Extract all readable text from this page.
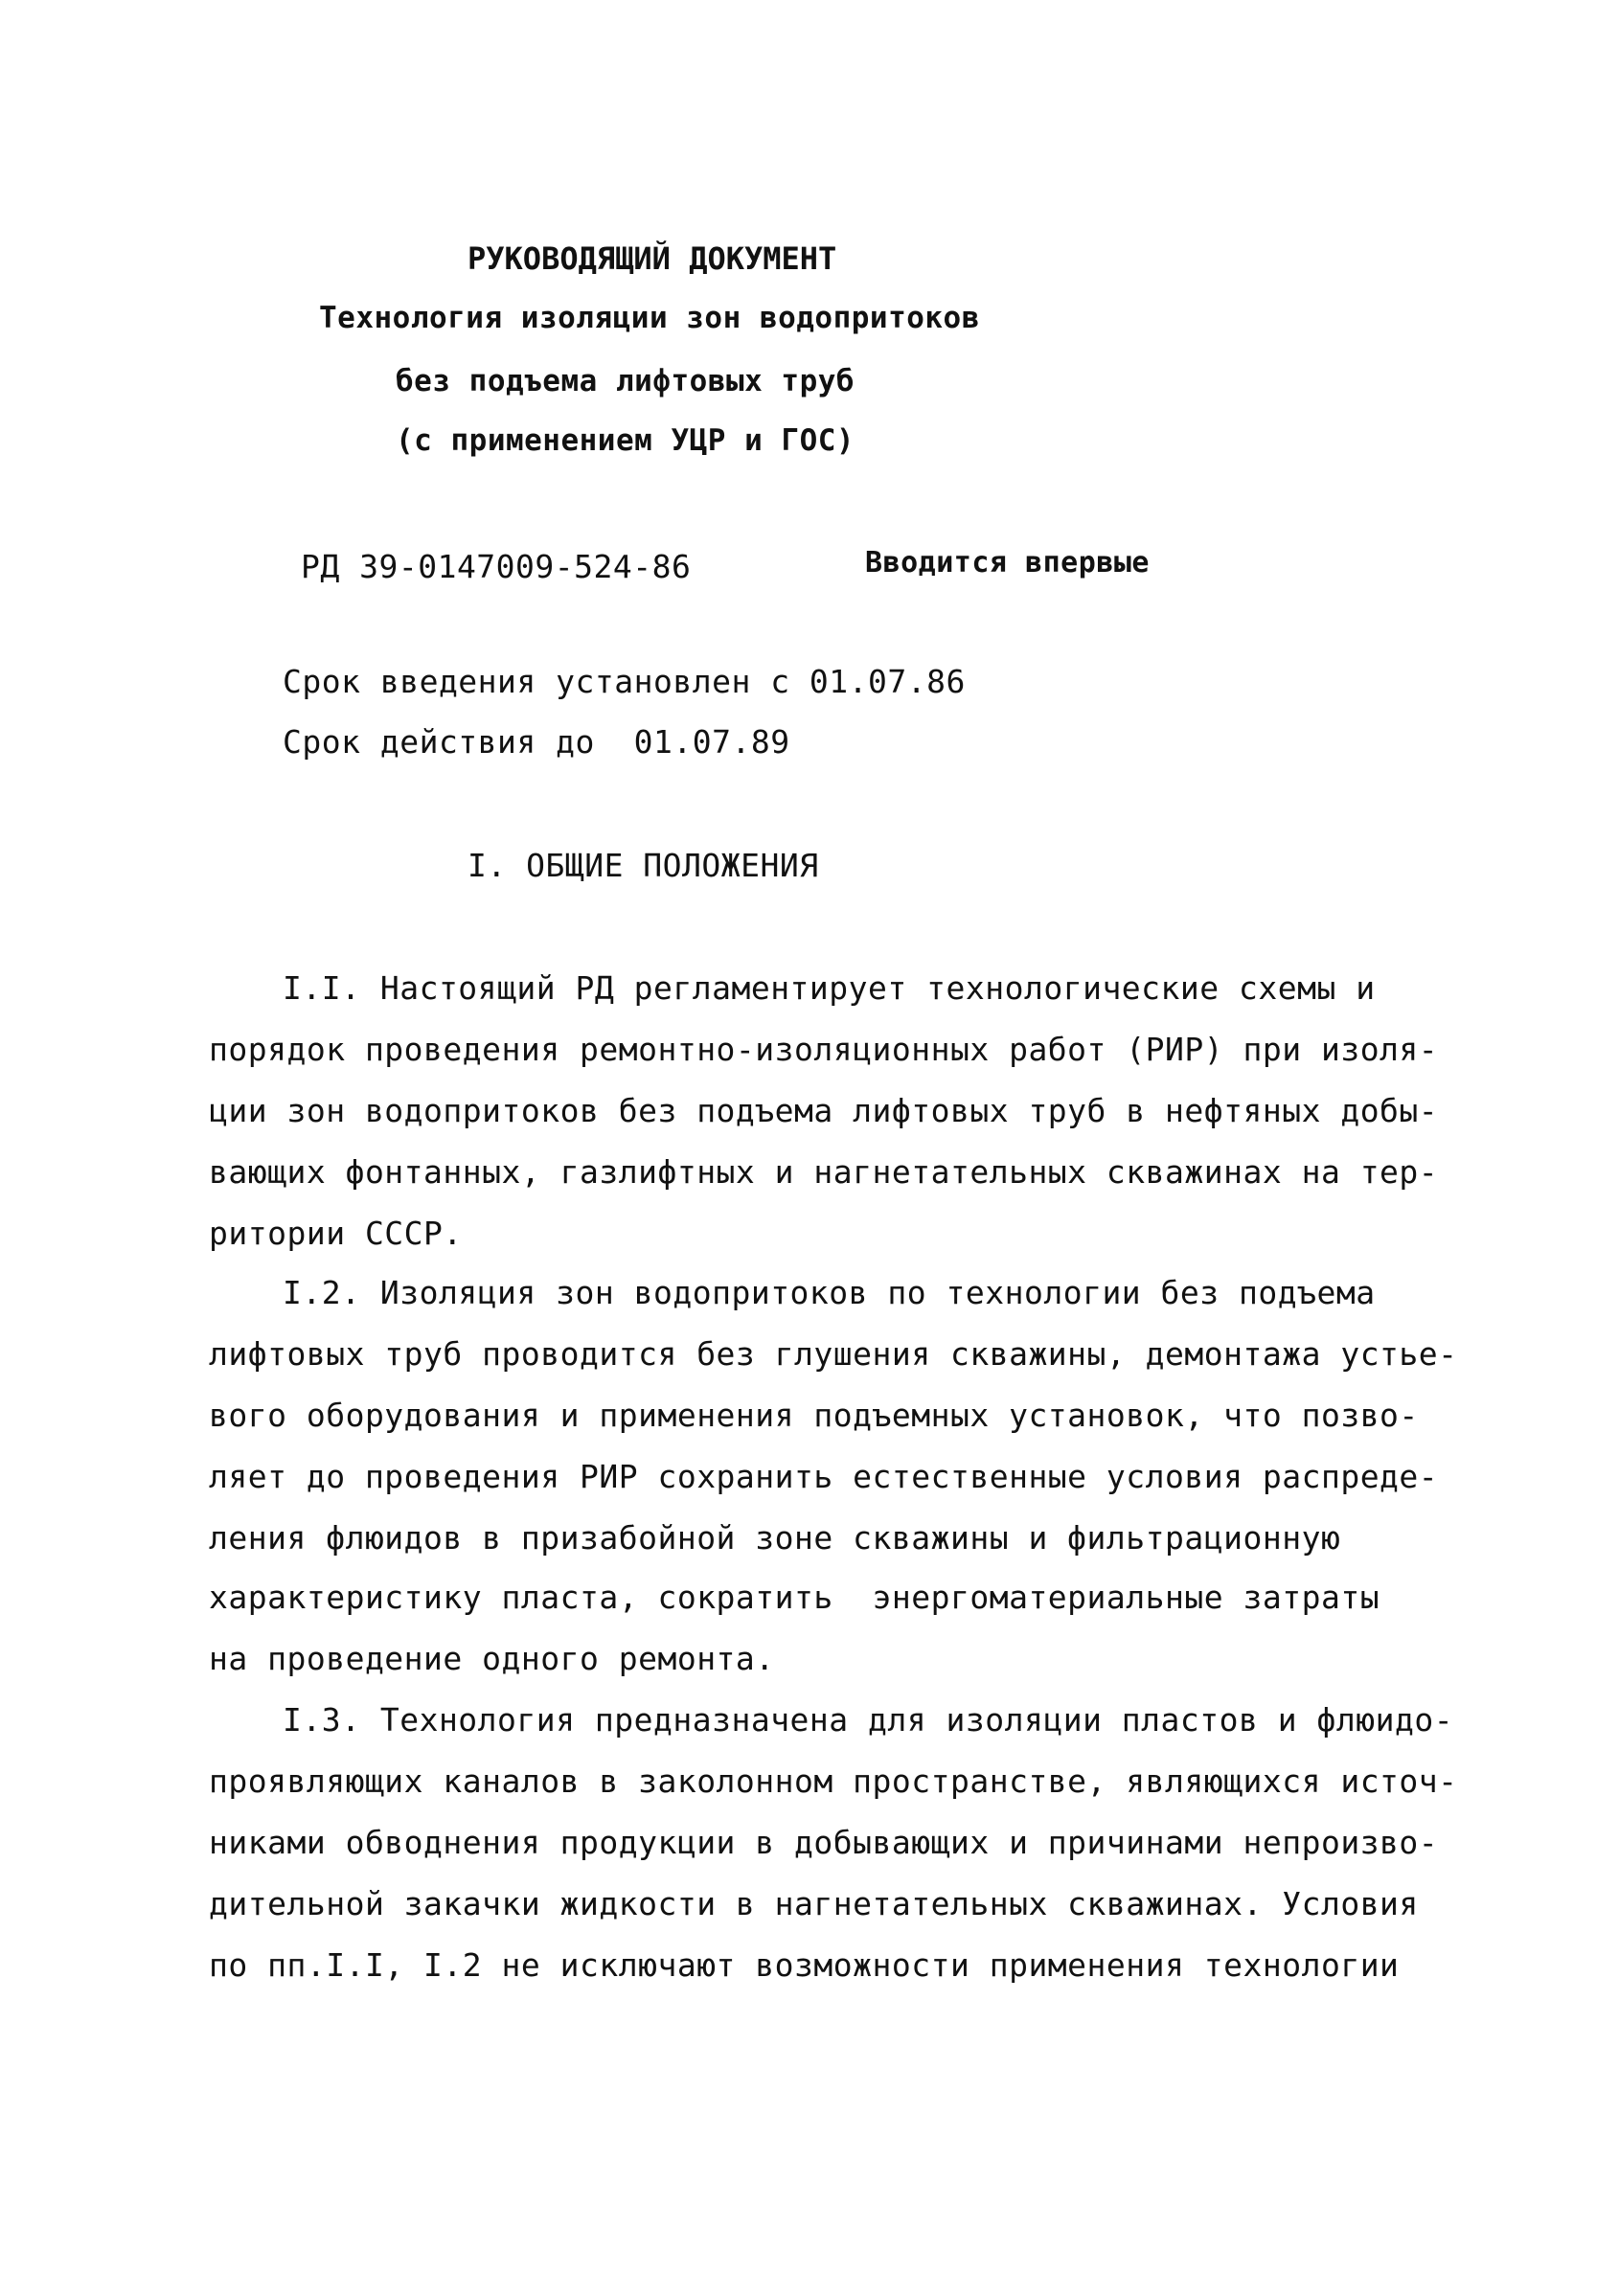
РУКОВОДЯЩИЙ ДОКУМЕНТ
Технология изоляции зон водопритоков
без подъема лифтовых труб
(с применением УЦР и ГОС)
РД 39-0147009-524-86	Вводится впервые
Срок введения установлен с 01.07.86
Срок действия до  01.07.89
I. ОБЩИЕ ПОЛОЖЕНИЯ
I.I. Настоящий РД регламентирует технологические схемы и
порядок проведения ремонтно-изоляционных работ (РИР) при изоля-
ции зон водопритоков без подъема лифтовых труб в нефтяных добы-
вающих фонтанных, газлифтных и нагнетательных скважинах на тер-
ритории СССР.
I.2. Изоляция зон водопритоков по технологии без подъема
лифтовых труб проводится без глушения скважины, демонтажа устье-
вого оборудования и применения подъемных установок, что позво-
ляет до проведения РИР сохранить естественные условия распреде-
ления флюидов в призабойной зоне скважины и фильтрационную
характеристику пласта, сократить  энергоматериальные затраты
на проведение одного ремонта.
I.3. Технология предназначена для изоляции пластов и флюидо-
проявляющих каналов в заколонном пространстве, являющихся источ-
никами обводнения продукции в добывающих и причинами непроизво-
дительной закачки жидкости в нагнетательных скважинах. Условия
по пп.I.I, I.2 не исключают возможности применения технологии
